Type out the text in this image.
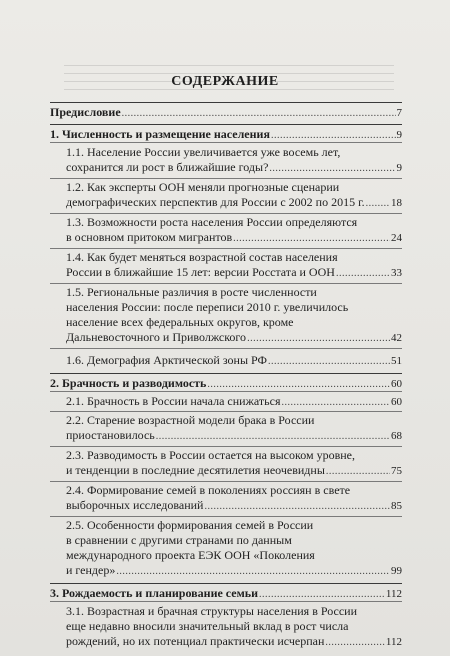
СОДЕРЖАНИЕ
Предисловие .....	7
1. Численность и размещение населения .....	9
1.1. Население России увеличивается уже восемь лет,
сохранится ли рост в ближайшие годы? .....	9
1.2. Как эксперты ООН меняли прогнозные сценарии
демографических перспектив для России с 2002 по 2015 г. ..... 18
1.3. Возможности роста населения России определяются
в основном притоком мигрантов .....	24
1.4. Как будет меняться возрастной состав населения
России в ближайшие 15 лет: версии Росстата и ООН .....	33
1.5. Региональные различия в росте численности
населения России: после переписи 2010 г. увеличилось
население всех федеральных округов, кроме
Дальневосточного и Приволжского .....	42
1.6. Демография Арктической зоны РФ .....	51
2. Брачность и разводимость .....	60
2.1. Брачность в России начала снижаться .....	60
2.2. Старение возрастной модели брака в России
приостановилось .....	68
2.3. Разводимость в России остается на высоком уровне,
и тенденции в последние десятилетия неочевидны .....	75
2.4. Формирование семей в поколениях россиян в свете
выборочных исследований .....	85
2.5. Особенности формирования семей в России
в сравнении с другими странами по данным
международного проекта ЕЭК ООН «Поколения
и гендер» .....	99
3. Рождаемость и планирование семьи .....	112
3.1. Возрастная и брачная структуры населения в России
еще недавно вносили значительный вклад в рост числа
рождений, но их потенциал практически исчерпан .....	112
